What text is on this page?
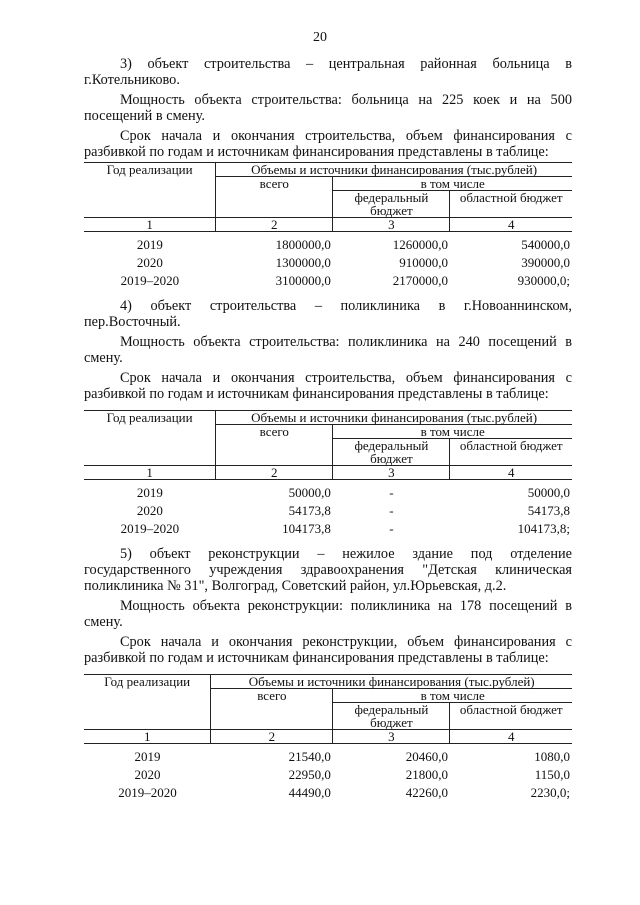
20

3) объект строительства – центральная районная больница в г.Котельниково.

Мощность объекта строительства: больница на 225 коек и на 500 посещений в смену.

Срок начала и окончания строительства, объем финансирования с разбивкой по годам и источникам финансирования представлены в таблице:

Год реализации	Объемы и источники финансирования (тыс.рублей)		
	всего	в том числе	
		федеральный бюджет	областной бюджет
1	2	3	4

2019	1800000,0	1260000,0	540000,0
2020	1300000,0	910000,0	390000,0
2019–2020	3100000,0	2170000,0	930000,0;

4) объект строительства – поликлиника в г.Новоаннинском, пер.Восточный.

Мощность объекта строительства: поликлиника на 240 посещений в смену.

Срок начала и окончания строительства, объем финансирования с разбивкой по годам и источникам финансирования представлены в таблице:

Год реализации	Объемы и источники финансирования (тыс.рублей)		
	всего	в том числе	
		федеральный бюджет	областной бюджет
1	2	3	4

2019	50000,0	-	50000,0
2020	54173,8	-	54173,8
2019–2020	104173,8	-	104173,8;

5) объект реконструкции – нежилое здание под отделение государственного учреждения здравоохранения "Детская клиническая поликлиника № 31", Волгоград, Советский район, ул.Юрьевская, д.2.

Мощность объекта реконструкции: поликлиника на 178 посещений в смену.

Срок начала и окончания реконструкции, объем финансирования с разбивкой по годам и источникам финансирования представлены в таблице:

Год реализации	Объемы и источники финансирования (тыс.рублей)		
	всего	в том числе	
		федеральный бюджет	областной бюджет
1	2	3	4

2019	21540,0	20460,0	1080,0
2020	22950,0	21800,0	1150,0
2019–2020	44490,0	42260,0	2230,0;
